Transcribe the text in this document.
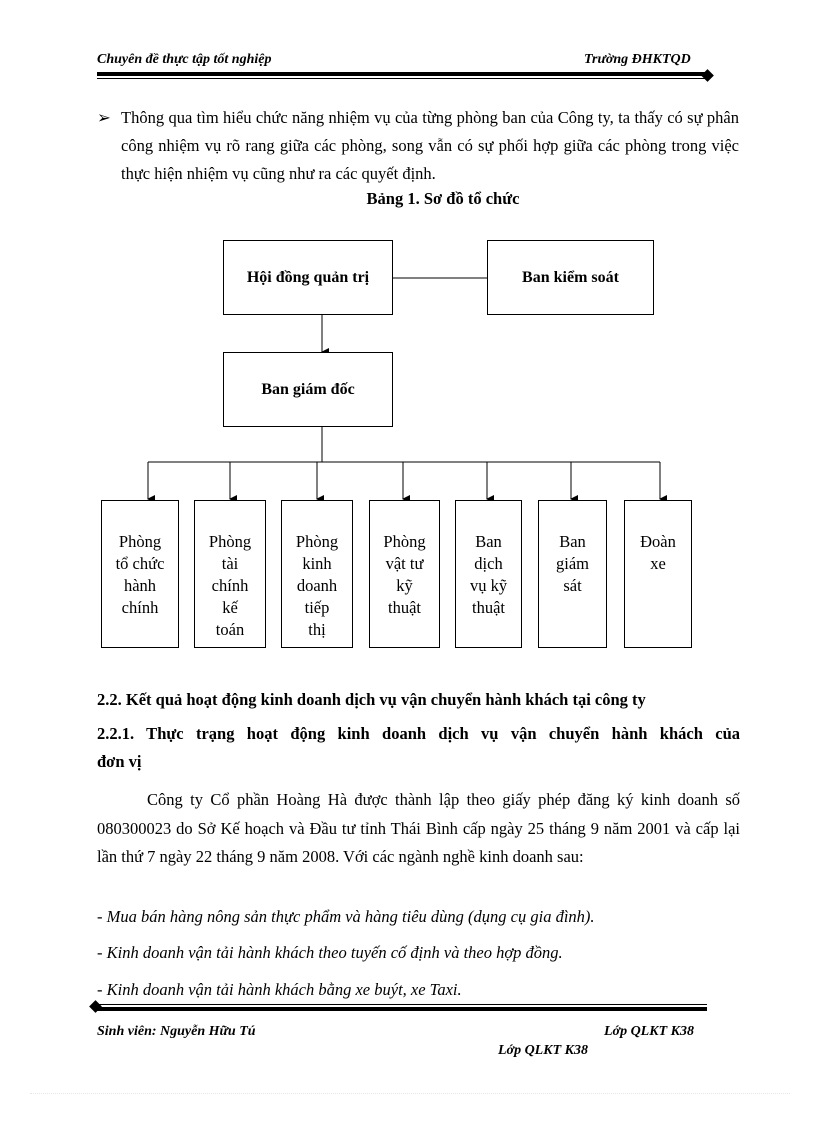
Chuyên đề thực tập tốt nghiệp	Trường ĐHKTQD
➢ Thông qua tìm hiểu chức năng nhiệm vụ của từng phòng ban của Công ty, ta thấy có sự phân công nhiệm vụ rõ rang giữa các phòng, song vẫn có sự phối hợp giữa các phòng trong việc thực hiện nhiệm vụ cũng như ra các quyết định.
Bảng 1. Sơ đồ tổ chức
Hội đồng quản trị	Ban kiểm soát
Ban giám đốc
Phòng
tổ chức
hành
chính
Phòng
tài
chính
kế
toán
Phòng
kinh
doanh
tiếp
thị
Phòng
vật tư
kỹ
thuật
Ban
dịch
vụ kỹ
thuật
Ban
giám
sát
Đoàn
xe
2.2. Kết quả hoạt động kinh doanh dịch vụ vận chuyển hành khách tại công ty
2.2.1. Thực trạng hoạt động kinh doanh dịch vụ vận chuyển hành khách của
đơn vị
Công ty Cổ phần Hoàng Hà được thành lập theo giấy phép đăng ký kinh doanh số 080300023 do Sở Kế hoạch và Đầu tư tỉnh Thái Bình cấp ngày 25 tháng 9 năm 2001 và cấp lại lần thứ 7 ngày 22 tháng 9 năm 2008. Với các ngành nghề kinh doanh sau:
- Mua bán hàng nông sản thực phẩm và hàng tiêu dùng (dụng cụ gia đình).
- Kinh doanh vận tải hành khách theo tuyến cố định và theo hợp đồng.
- Kinh doanh vận tải hành khách bằng xe buýt, xe Taxi.
Sinh viên: Nguyễn Hữu Tú	Lớp QLKT K38
Lớp QLKT K38
